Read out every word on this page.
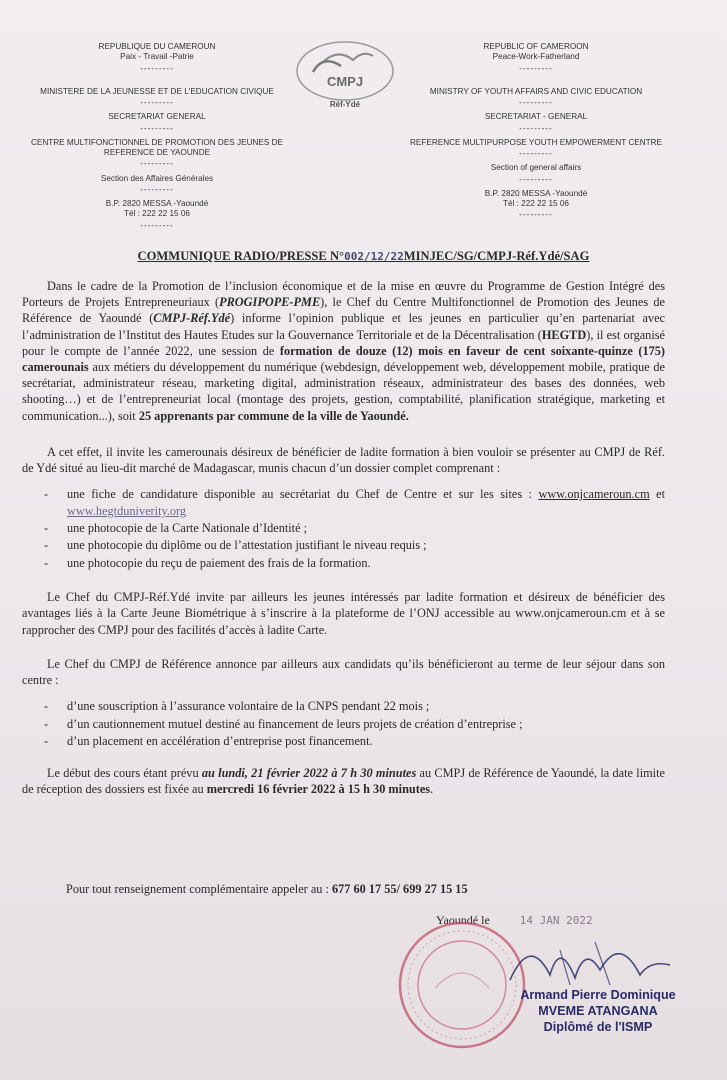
REPUBLIQUE DU CAMEROUN
Paix - Travail -Patrie
---------
MINISTERE DE LA JEUNESSE ET DE L'EDUCATION CIVIQUE
---------
SECRETARIAT GENERAL
---------
CENTRE MULTIFONCTIONNEL DE PROMOTION DES JEUNES DE
REFERENCE DE YAOUNDE
---------
Section des Affaires Générales
---------
B.P. 2820 MESSA -Yaoundé
Tél : 222 22 15 06
---------
CMPJ
Réf-Ydé
REPUBLIC OF CAMEROON
Peace-Work-Fatherland
---------
MINISTRY OF YOUTH AFFAIRS AND CIVIC EDUCATION
---------
SECRETARIAT - GENERAL
---------
REFERENCE MULTIPURPOSE YOUTH EMPOWERMENT CENTRE
---------
Section of general affairs
---------
B.P. 2820 MESSA -Yaoundé
Tél : 222 22 15 06
---------
COMMUNIQUE RADIO/PRESSE N°002/12/22MINJEC/SG/CMPJ-Réf.Ydé/SAG

Dans le cadre de la Promotion de l’inclusion économique et de la mise en œuvre du Programme de Gestion Intégré des Porteurs de Projets Entrepreneuriaux (PROGIPOPE-PME), le Chef du Centre Multifonctionnel de Promotion des Jeunes de Référence de Yaoundé (CMPJ-Réf.Ydé) informe l’opinion publique et les jeunes en particulier qu’en partenariat avec l’administration de l’Institut des Hautes Etudes sur la Gouvernance Territoriale et de la Décentralisation (HEGTD), il est organisé pour le compte de l’année 2022, une session de formation de douze (12) mois en faveur de cent soixante-quinze (175) camerounais aux métiers du développement du numérique (webdesign, développement web, développement mobile, pratique de secrétariat, administrateur réseau, marketing digital, administration réseaux, administrateur des bases des données, web shooting…) et de l’entrepreneuriat local (montage des projets, gestion, comptabilité, planification stratégique, marketing et communication...), soit 25 apprenants par commune de la ville de Yaoundé.

A cet effet, il invite les camerounais désireux de bénéficier de ladite formation à bien vouloir se présenter au CMPJ de Réf. de Ydé situé au lieu-dit marché de Madagascar, munis chacun d’un dossier complet comprenant :

- une fiche de candidature disponible au secrétariat du Chef de Centre et sur les sites : www.onjcameroun.cm et www.hegtduniverity.org
- une photocopie de la Carte Nationale d’Identité ;
- une photocopie du diplôme ou de l’attestation justifiant le niveau requis ;
- une photocopie du reçu de paiement des frais de la formation.

Le Chef du CMPJ-Réf.Ydé invite par ailleurs les jeunes intéressés par ladite formation et désireux de bénéficier des avantages liés à la Carte Jeune Biométrique à s’inscrire à la plateforme de l’ONJ accessible au www.onjcameroun.cm et à se rapprocher des CMPJ pour des facilités d’accès à ladite Carte.

Le Chef du CMPJ de Référence annonce par ailleurs aux candidats qu’ils bénéficieront au terme de leur séjour dans son centre :

- d’une souscription à l’assurance volontaire de la CNPS pendant 22 mois ;
- d’un cautionnement mutuel destiné au financement de leurs projets de création d’entreprise ;
- d’un placement en accélération d’entreprise post financement.

Le début des cours étant prévu au lundi, 21 février 2022 à 7 h 30 minutes au CMPJ de Référence de Yaoundé, la date limite de réception des dossiers est fixée au mercredi 16 février 2022 à 15 h 30 minutes.

Pour tout renseignement complémentaire appeler au : 677 60 17 55/ 699 27 15 15
Yaoundé le	14 JAN 2022
Armand Pierre Dominique
MVEME ATANGANA
Diplômé de l'ISMP
